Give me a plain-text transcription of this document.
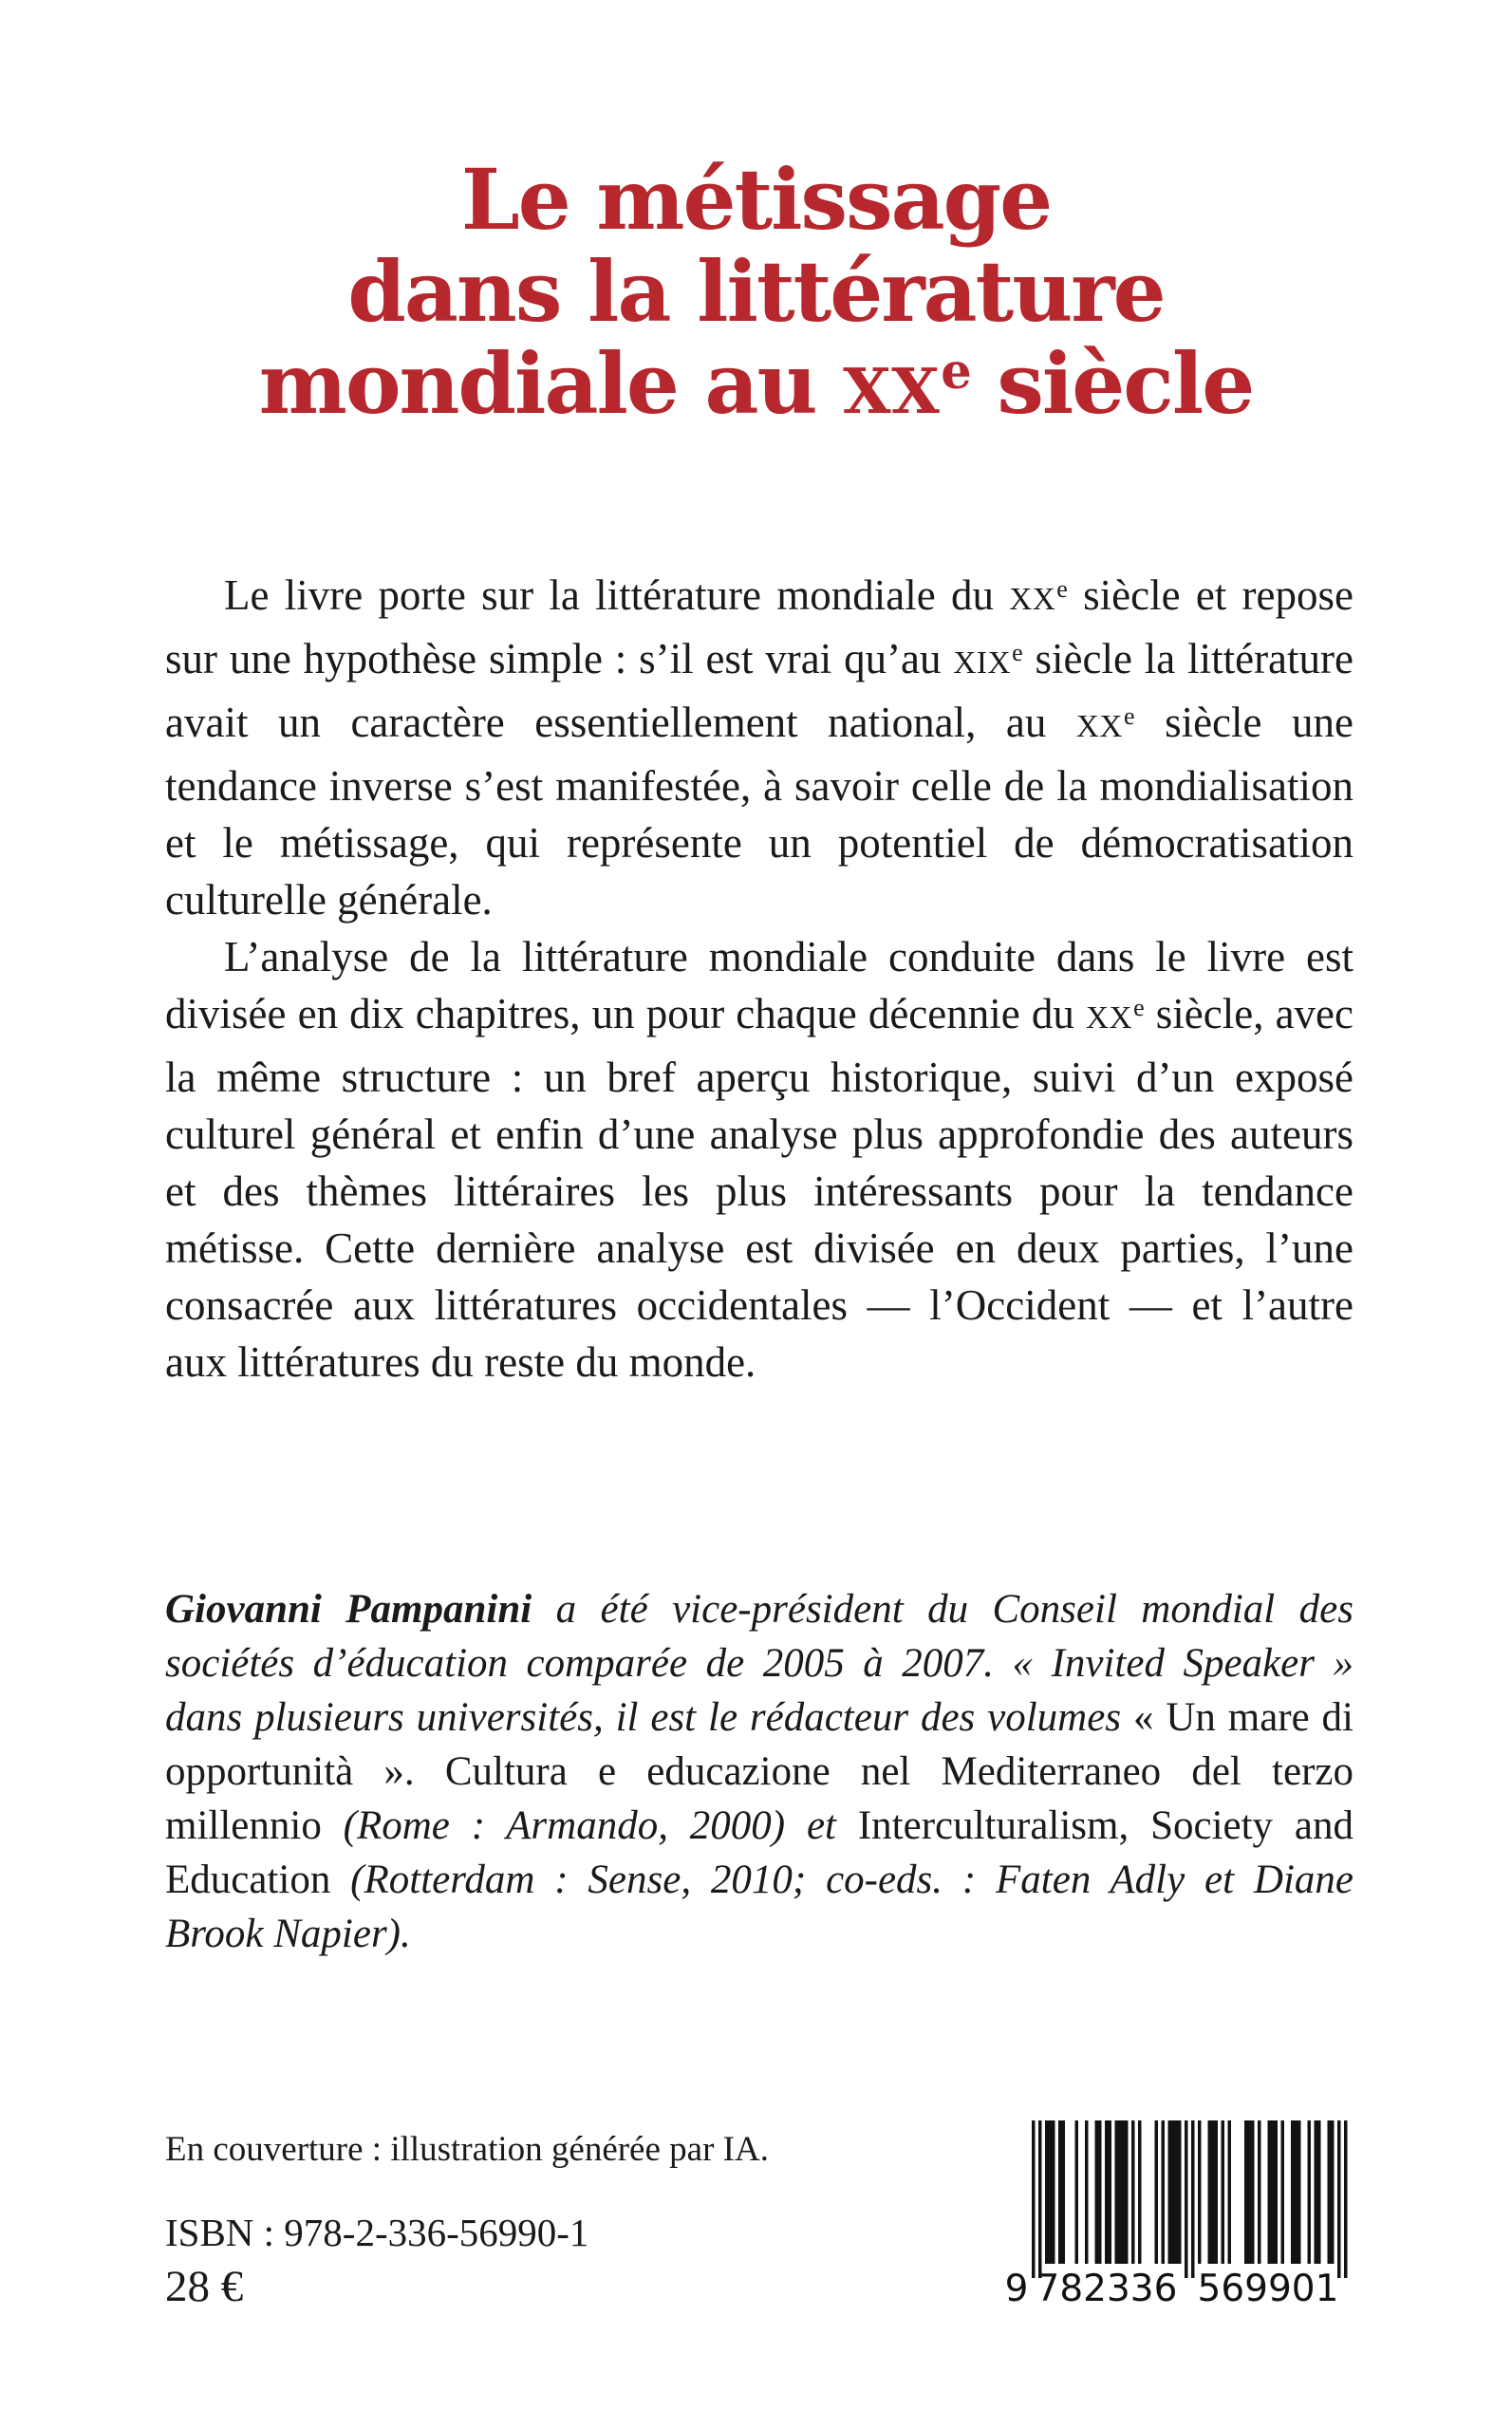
Le métissage
dans la littérature
mondiale au XXe siècle

Le livre porte sur la littérature mondiale du XXe siècle et repose sur une hypothèse simple : s’il est vrai qu’au XIXe siècle la littérature avait un caractère essentiellement national, au XXe siècle une tendance inverse s’est manifestée, à savoir celle de la mondialisation et le métissage, qui représente un potentiel de démocratisation culturelle générale.

L’analyse de la littérature mondiale conduite dans le livre est divisée en dix chapitres, un pour chaque décennie du XXe siècle, avec la même structure : un bref aperçu historique, suivi d’un exposé culturel général et enfin d’une analyse plus approfondie des auteurs et des thèmes littéraires les plus intéressants pour la tendance métisse. Cette dernière analyse est divisée en deux parties, l’une consacrée aux littératures occidentales — l’Occident — et l’autre aux littératures du reste du monde.

Giovanni Pampanini a été vice-président du Conseil mondial des sociétés d’éducation comparée de 2005 à 2007. « Invited Speaker » dans plusieurs universités, il est le rédacteur des volumes « Un mare di opportunità ». Cultura e educazione nel Mediterraneo del terzo millennio (Rome : Armando, 2000) et Interculturalism, Society and Education (Rotterdam : Sense, 2010; co-eds. : Faten Adly et Diane Brook Napier).
En couverture : illustration générée par IA.
ISBN : 978-2-336-56990-1
28 €	9 782336 569901
